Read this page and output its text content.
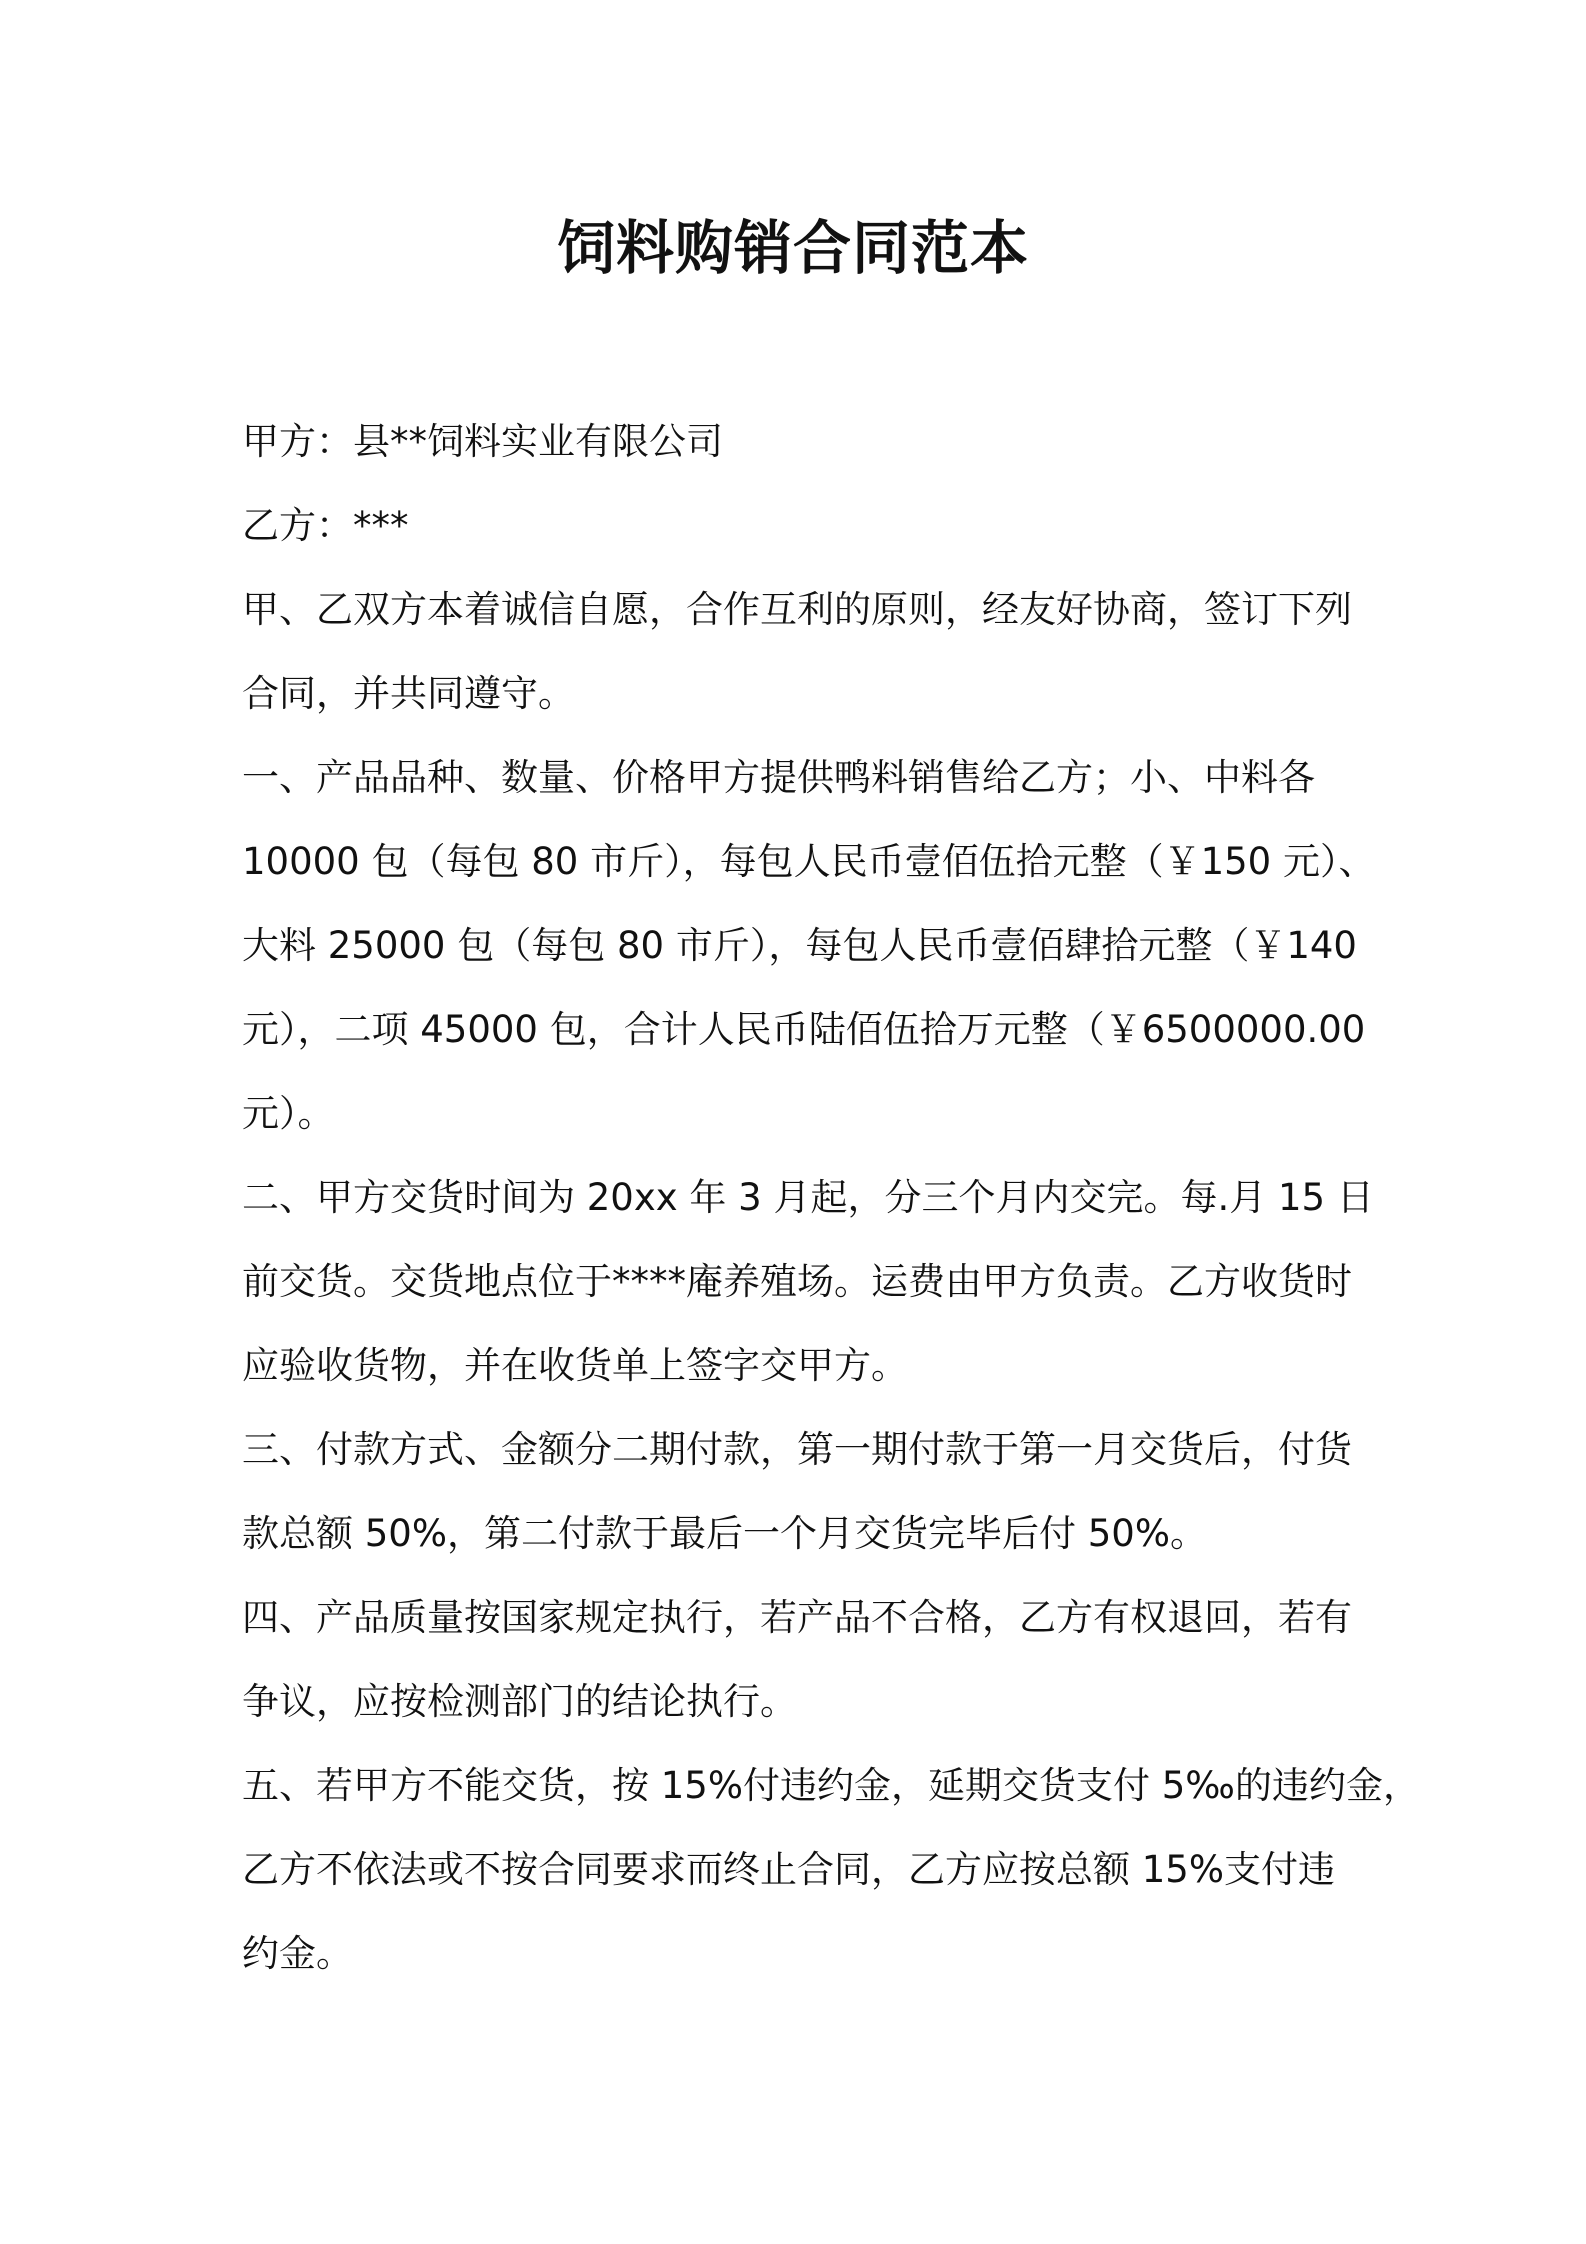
饲料购销合同范本
甲方：县**饲料实业有限公司
乙方：***
甲、乙双方本着诚信自愿，合作互利的原则，经友好协商，签订下列
合同，并共同遵守。
一、产品品种、数量、价格甲方提供鸭料销售给乙方；小、中料各
10000 包（每包 80 市斤），每包人民币壹佰伍拾元整（￥150 元）、
大料 25000 包（每包 80 市斤），每包人民币壹佰肆拾元整（￥140
元），二项 45000 包，合计人民币陆佰伍拾万元整（￥6500000.00
元）。
二、甲方交货时间为 20xx 年 3 月起，分三个月内交完。每.月 15 日
前交货。交货地点位于****庵养殖场。运费由甲方负责。乙方收货时
应验收货物，并在收货单上签字交甲方。
三、付款方式、金额分二期付款，第一期付款于第一月交货后，付货
款总额 50%，第二付款于最后一个月交货完毕后付 50%。
四、产品质量按国家规定执行，若产品不合格，乙方有权退回，若有
争议，应按检测部门的结论执行。
五、若甲方不能交货，按 15%付违约金，延期交货支付 5‰的违约金，
乙方不依法或不按合同要求而终止合同，乙方应按总额 15%支付违
约金。
